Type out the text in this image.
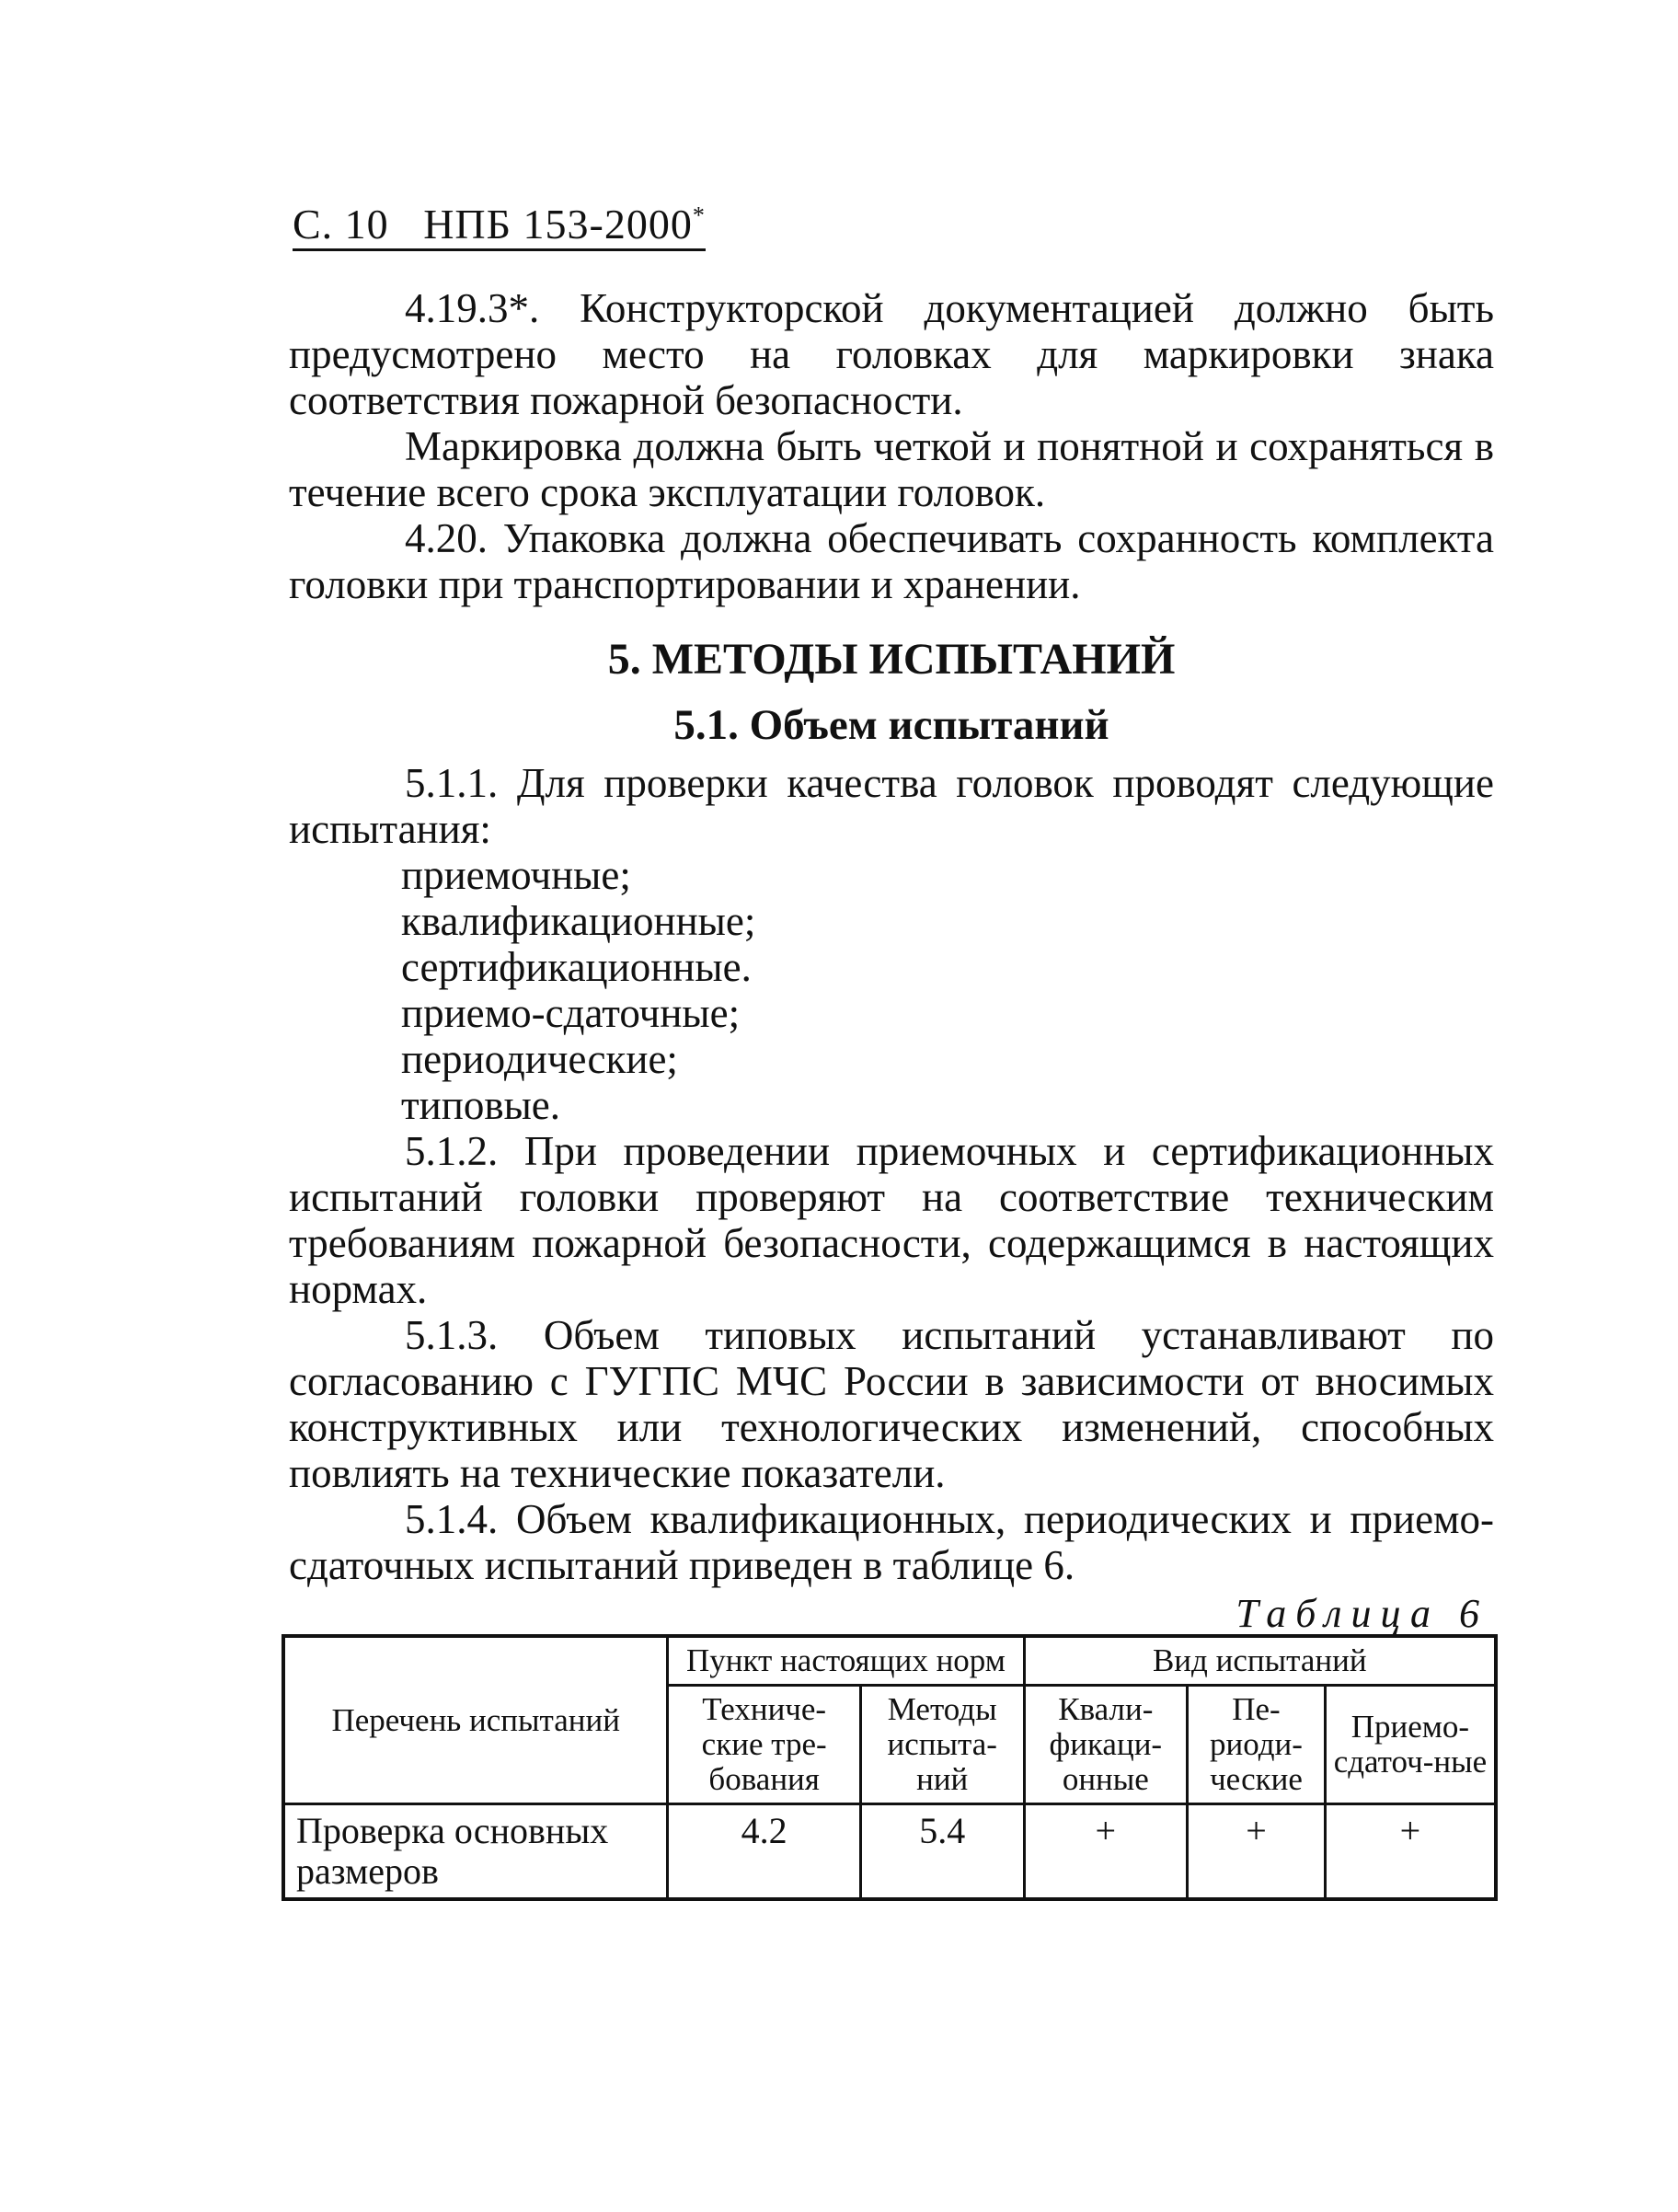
С. 10 НПБ 153-2000*

4.19.3*. Конструкторской документацией должно быть предусмотрено место на головках для маркировки знака соответствия пожарной безопасности.

Маркировка должна быть четкой и понятной и сохраняться в течение всего срока эксплуатации головок.

4.20. Упаковка должна обеспечивать сохранность комплекта головки при транспортировании и хранении.

5. МЕТОДЫ ИСПЫТАНИЙ
5.1. Объем испытаний

5.1.1. Для проверки качества головок проводят следующие испытания:

приемочные;
квалификационные;
сертификационные.
приемо-сдаточные;
периодические;
типовые.

5.1.2. При проведении приемочных и сертификационных испытаний головки проверяют на соответствие техническим требованиям пожарной безопасности, содержащимся в настоящих нормах.

5.1.3. Объем типовых испытаний устанавливают по согласованию с ГУГПС МЧС России в зависимости от вносимых конструктивных или технологических изменений, способных повлиять на технические показатели.

5.1.4. Объем квалификационных, периодических и приемо-сдаточных испытаний приведен в таблице 6.

Таблица 6
Перечень испытаний	Пункт настоящих норм		Вид испытаний		
	Техниче-ские тре-бования	Методы испыта-ний	Квали-фикаци-онные	Пе-риоди-ческие	Приемо-сдаточ-ные
Проверка основных размеров	4.2	5.4	+	+	+
